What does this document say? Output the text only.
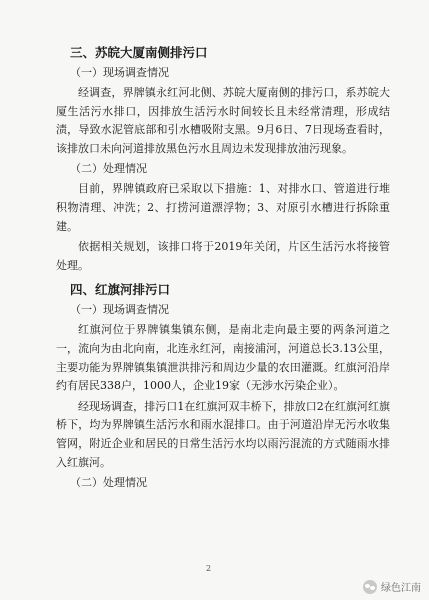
三、苏皖大厦南侧排污口
（一）现场调查情况

经调查，界牌镇永红河北侧、苏皖大厦南侧的排污口，系苏皖大厦生活污水排口，因排放生活污水时间较长且未经常清理，形成结渍，导致水泥管底部和引水槽吸附支黑。9月6日、7日现场查看时，该排放口未向河道排放黑色污水且周边未发现排放油污现象。

（二）处理情况

目前，界牌镇政府已采取以下措施：1、对排水口、管道进行堆积物清理、冲洗；2、打捞河道漂浮物；3、对原引水槽进行拆除重建。

依据相关规划，该排口将于2019年关闭，片区生活污水将接管处理。

四、红旗河排污口
（一）现场调查情况

红旗河位于界牌镇集镇东侧，是南北走向最主要的两条河道之一，流向为由北向南，北连永红河，南接浦河，河道总长3.13公里，主要功能为界牌镇集镇泄洪排污和周边少量的农田灌溉。红旗河沿岸约有居民338户，1000人，企业19家（无涉水污染企业）。

经现场调查，排污口1在红旗河双丰桥下，排放口2在红旗河红旗桥下，均为界牌镇生活污水和雨水混排口。由于河道沿岸无污水收集管网，附近企业和居民的日常生活污水均以雨污混流的方式随雨水排入红旗河。

（二）处理情况
2
绿色江南
